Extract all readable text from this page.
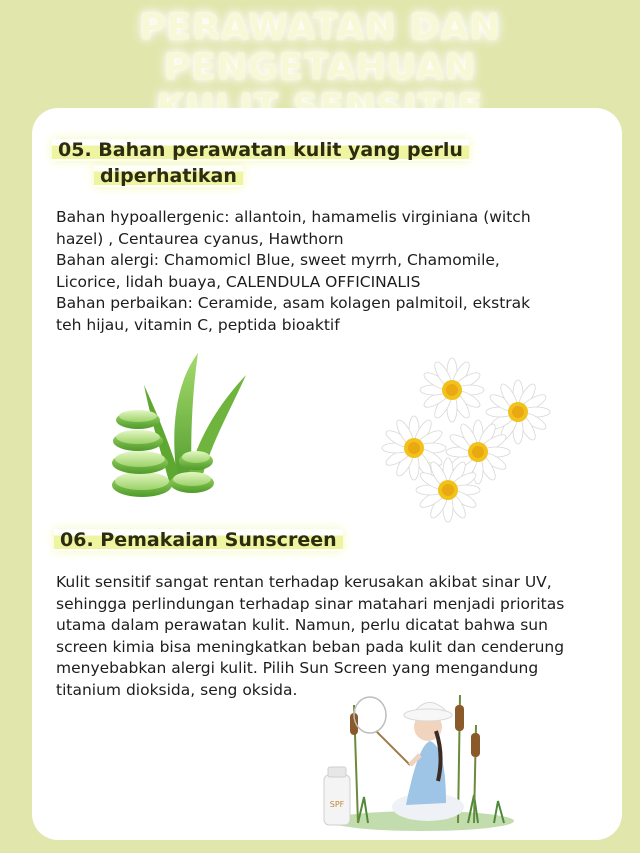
PERAWATAN DAN PENGETAHUAN
05. Bahan perawatan kulit yang perlu
diperhatikan
Bahan hypoallergenic: allantoin, hamamelis virginiana (witch
hazel) , Centaurea cyanus, Hawthorn
Bahan alergi: Chamomicl Blue, sweet myrrh, Chamomile,
Licorice, lidah buaya, CALENDULA OFFICINALIS
Bahan perbaikan: Ceramide, asam kolagen palmitoil, ekstrak
teh hijau, vitamin C, peptida bioaktif
06. Pemakaian Sunscreen
Kulit sensitif sangat rentan terhadap kerusakan akibat sinar UV,
sehingga perlindungan terhadap sinar matahari menjadi prioritas
utama dalam perawatan kulit. Namun, perlu dicatat bahwa sun
screen kimia bisa meningkatkan beban pada kulit dan cenderung
menyebabkan alergi kulit. Pilih Sun Screen yang mengandung
titanium dioksida, seng oksida.
SPF
